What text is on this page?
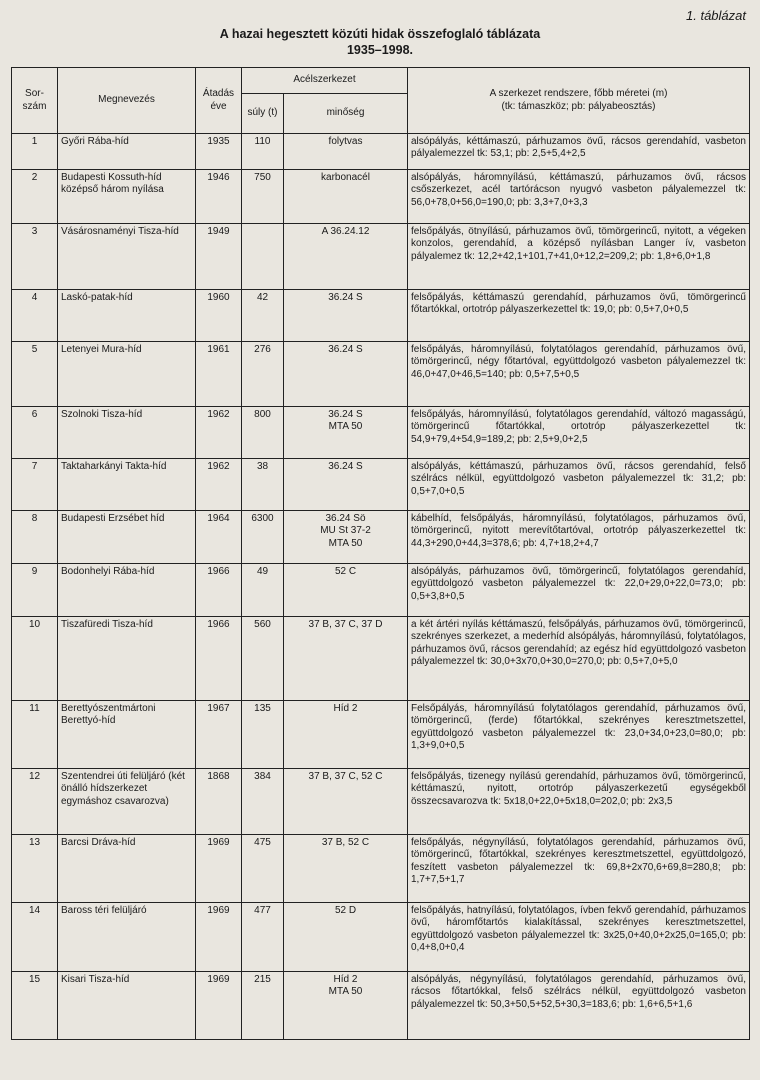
1. táblázat
A hazai hegesztett közúti hidak összefoglaló táblázata
1935–1998.
Sor-szám	Megnevezés	Átadás éve	Acélszerkezet		A szerkezet rendszere, főbb méretei (m)
(tk: támaszköz; pb: pályabeosztás)

			súly (t)	minőség	
1	Győri Rába-híd	1935	110	folytvas	alsópályás, kéttámaszú, párhuzamos övű, rácsos gerendahíd, vasbeton pályalemezzel tk: 53,1; pb: 2,5+5,4+2,5
2	Budapesti Kossuth-híd középső három nyílása	1946	750	karbonacél	alsópályás, háromnyílású, kéttámaszú, párhuzamos övű, rácsos csőszerkezet, acél tartórácson nyugvó vasbeton pályalemezzel tk: 56,0+78,0+56,0=190,0; pb: 3,3+7,0+3,3
3	Vásárosnaményi Tisza-híd	1949		A 36.24.12	felsőpályás, ötnyílású, párhuzamos övű, tömörgerincű, nyitott, a végeken konzolos, gerendahíd, a középső nyílásban Langer ív, vasbeton pályalemez tk: 12,2+42,1+101,7+41,0+12,2=209,2; pb: 1,8+6,0+1,8
4	Laskó-patak-híd	1960	42	36.24 S	felsőpályás, kéttámaszú gerendahíd, párhuzamos övű, tömörgerincű főtartókkal, ortotróp pályaszerkezettel tk: 19,0; pb: 0,5+7,0+0,5
5	Letenyei Mura-híd	1961	276	36.24 S	felsőpályás, háromnyílású, folytatólagos gerendahíd, párhuzamos övű, tömörgerincű, négy főtartóval, együttdolgozó vasbeton pályalemezzel tk: 46,0+47,0+46,5=140; pb: 0,5+7,5+0,5
6	Szolnoki Tisza-híd	1962	800	36.24 S
MTA 50	felsőpályás, háromnyílású, folytatólagos gerendahíd, változó magasságú, tömörgerincű főtartókkal, ortotróp pályaszerkezettel tk: 54,9+79,4+54,9=189,2; pb: 2,5+9,0+2,5
7	Taktaharkányi Takta-híd	1962	38	36.24 S	alsópályás, kéttámaszú, párhuzamos övű, rácsos gerendahíd, felső szélrács nélkül, együttdolgozó vasbeton pályalemezzel tk: 31,2; pb: 0,5+7,0+0,5
8	Budapesti Erzsébet híd	1964	6300	36.24 Sö
MU St 37-2
MTA 50	kábelhíd, felsőpályás, háromnyílású, folytatólagos, párhuzamos övű, tömörgerincű, nyitott merevítőtartóval, ortotróp pályaszerkezettel tk: 44,3+290,0+44,3=378,6; pb: 4,7+18,2+4,7
9	Bodonhelyi Rába-híd	1966	49	52 C	alsópályás, párhuzamos övű, tömörgerincű, folytatólagos gerendahíd, együttdolgozó vasbeton pályalemezzel tk: 22,0+29,0+22,0=73,0; pb: 0,5+3,8+0,5
10	Tiszafüredi Tisza-híd	1966	560	37 B, 37 C, 37 D	a két ártéri nyílás kéttámaszú, felsőpályás, párhuzamos övű, tömörgerincű, szekrényes szerkezet, a mederhíd alsópályás, háromnyílású, folytatólagos, párhuzamos övű, rácsos gerendahíd; az egész híd együttdolgozó vasbeton pályalemezzel tk: 30,0+3x70,0+30,0=270,0; pb: 0,5+7,0+5,0
11	Berettyószentmártoni Berettyó-híd	1967	135	Híd 2	Felsőpályás, háromnyílású folytatólagos gerendahíd, párhuzamos övű, tömörgerincű, (ferde) főtartókkal, szekrényes keresztmetszettel, együttdolgozó vasbeton pályalemezzel tk: 23,0+34,0+23,0=80,0; pb: 1,3+9,0+0,5
12	Szentendrei úti felüljáró (két önálló hídszerkezet egymáshoz csavarozva)	1868	384	37 B, 37 C, 52 C	felsőpályás, tizenegy nyílású gerendahíd, párhuzamos övű, tömörgerincű, kéttámaszú, nyitott, ortotróp pályaszerkezetű egységekből összecsavarozva tk: 5x18,0+22,0+5x18,0=202,0; pb: 2x3,5
13	Barcsi Dráva-híd	1969	475	37 B, 52 C	felsőpályás, négynyílású, folytatólagos gerendahíd, párhuzamos övű, tömörgerincű, főtartókkal, szekrényes keresztmetszettel, együttdolgozó, feszített vasbeton pályalemezzel tk: 69,8+2x70,6+69,8=280,8; pb: 1,7+7,5+1,7
14	Baross téri felüljáró	1969	477	52 D	felsőpályás, hatnyílású, folytatólagos, ívben fekvő gerendahíd, párhuzamos övű, háromfőtartós kialakítással, szekrényes keresztmetszettel, együttdolgozó vasbeton pályalemezzel tk: 3x25,0+40,0+2x25,0=165,0; pb: 0,4+8,0+0,4
15	Kisari Tisza-híd	1969	215	Híd 2
MTA 50	alsópályás, négynyílású, folytatólagos gerendahíd, párhuzamos övű, rácsos főtartókkal, felső szélrács nélkül, együttdolgozó vasbeton pályalemezzel tk: 50,3+50,5+52,5+30,3=183,6; pb: 1,6+6,5+1,6
